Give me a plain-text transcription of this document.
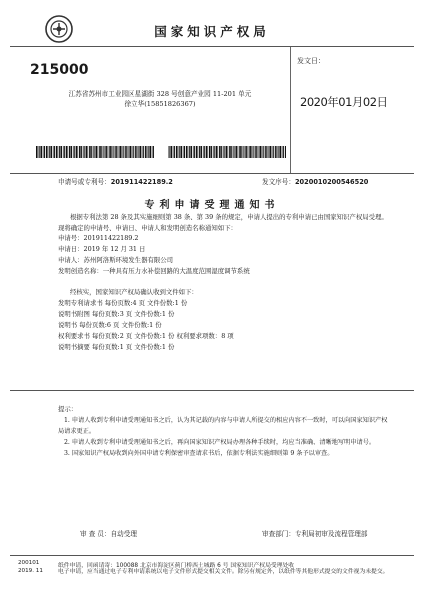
国家知识产权局
215000
江苏省苏州市工业园区星湖街 328 号创意产业园 11-201 单元
徐立华(15851826367)
发文日：
2020年01月02日
申请号或专利号：201911422189.2	发文序号：2020010200546520
专利申请受理通知书
根据专利法第 28 条及其实施细则第 38 条、第 39 条的规定，申请人提出的专利申请已由国家知识产权局受理。现将确定的申请号、申请日、申请人和发明创造名称通知如下：
申请号：201911422189.2
申请日：2019 年 12 月 31 日
申请人：苏州阿洛斯环境发生器有限公司
发明创造名称：一种具有压力水补偿回路的大温度范围湿度调节系统
经核实，国家知识产权局确认收到文件如下：
发明专利请求书 每份页数:4 页 文件份数:1 份
说明书附图 每份页数:3 页 文件份数:1 份
说明书 每份页数:6 页 文件份数:1 份
权利要求书 每份页数:2 页 文件份数:1 份 权利要求项数：8 项
说明书摘要 每份页数:1 页 文件份数:1 份
提示：
1. 申请人收到专利申请受理通知书之后，认为其记载的内容与申请人所提交的相应内容不一致时，可以向国家知识产权局请求更正。
2. 申请人收到专利申请受理通知书之后，再向国家知识产权局办理各种手续时，均应当准确、清晰地写明申请号。
3. 国家知识产权局收到向外国申请专利保密审查请求书后，依据专利法实施细则第 9 条予以审查。
审 查 员：自动受理	审查部门：专利局初审及流程管理部
200101
2019. 11
纸件申请，回函请寄：100088 北京市海淀区蓟门桥西土城路 6 号 国家知识产权局受理处收
电子申请，应当通过电子专利申请系统以电子文件形式提交相关文件。除另有规定外，以纸件等其他形式提交的文件视为未提交。
